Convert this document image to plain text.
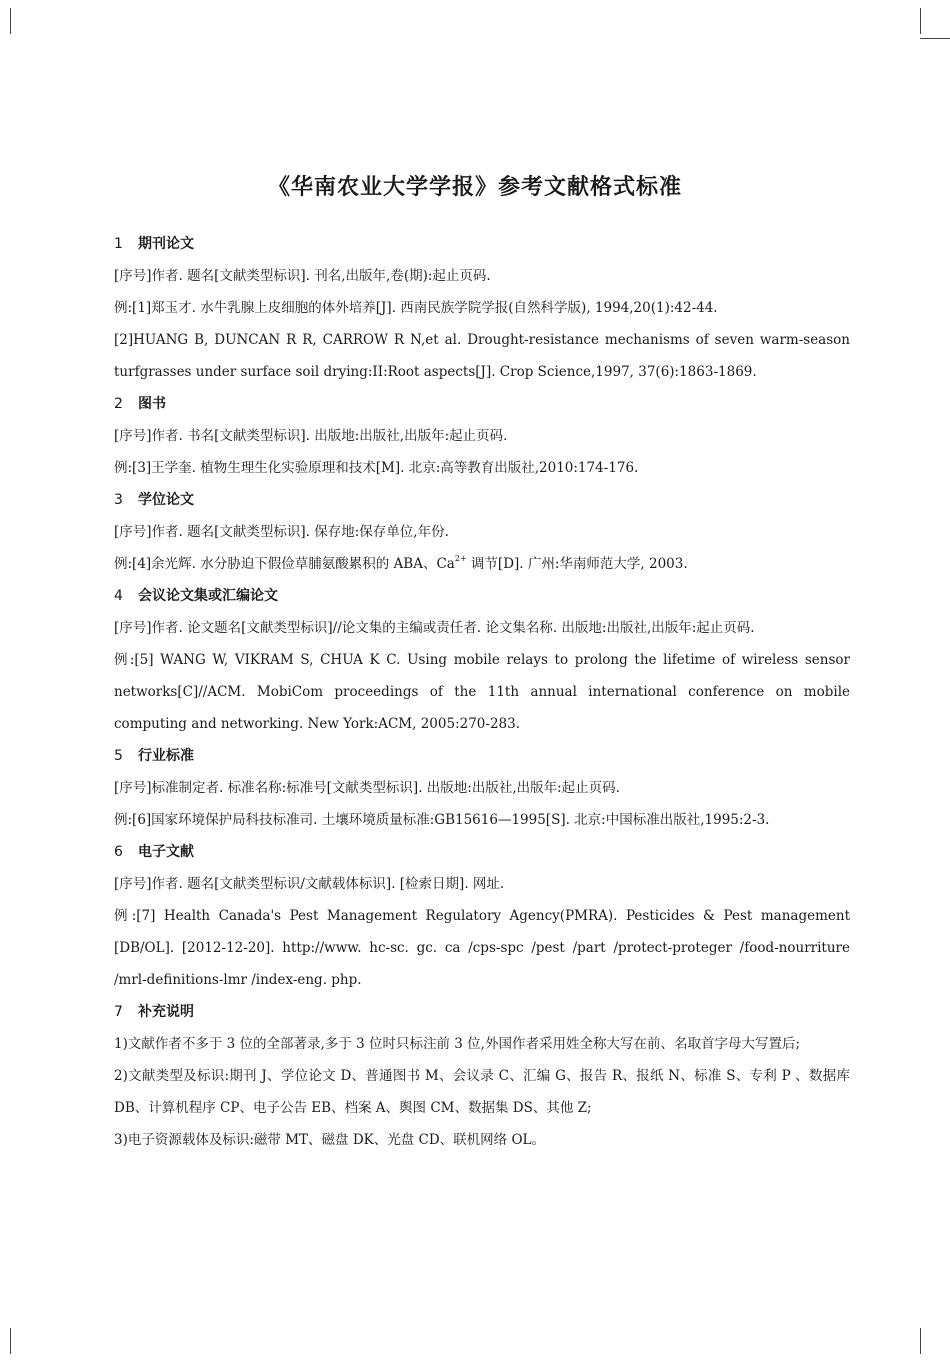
《华南农业大学学报》参考文献格式标准
1 期刊论文
[序号]作者. 题名[文献类型标识]. 刊名,出版年,卷(期):起止页码.
例:[1]郑玉才. 水牛乳腺上皮细胞的体外培养[J]. 西南民族学院学报(自然科学版), 1994,20(1):42-44.
[2]HUANG B, DUNCAN R R, CARROW R N,et al. Drought-resistance mechanisms of seven warm-season turfgrasses under surface soil drying:II:Root aspects[J]. Crop Science,1997, 37(6):1863-1869.
2 图书
[序号]作者. 书名[文献类型标识]. 出版地:出版社,出版年:起止页码.
例:[3]王学奎. 植物生理生化实验原理和技术[M]. 北京:高等教育出版社,2010:174-176.
3 学位论文
[序号]作者. 题名[文献类型标识]. 保存地:保存单位,年份.
例:[4]余光辉. 水分胁迫下假俭草脯氨酸累积的 ABA、$Ca^{2+}$ 调节[D]. 广州:华南师范大学, 2003.
4 会议论文集或汇编论文
[序号]作者. 论文题名[文献类型标识]//论文集的主编或责任者. 论文集名称. 出版地:出版社,出版年:起止页码.
例:[5] WANG W, VIKRAM S, CHUA K C. Using mobile relays to prolong the lifetime of wireless sensor networks[C]//ACM. MobiCom proceedings of the 11th annual international conference on mobile computing and networking. New York:ACM, 2005:270-283.
5 行业标准
[序号]标准制定者. 标准名称:标准号[文献类型标识]. 出版地:出版社,出版年:起止页码.
例:[6]国家环境保护局科技标准司. 土壤环境质量标准:GB15616—1995[S]. 北京:中国标准出版社,1995:2-3.
6 电子文献
[序号]作者. 题名[文献类型标识/文献载体标识]. [检索日期]. 网址.
例:[7] Health Canada's Pest Management Regulatory Agency(PMRA). Pesticides & Pest management [DB/OL]. [2012-12-20]. http://www. hc-sc. gc. ca /cps-spc /pest /part /protect-proteger /food-nourriture /mrl-definitions-lmr /index-eng. php.
7 补充说明
1)文献作者不多于 3 位的全部著录,多于 3 位时只标注前 3 位,外国作者采用姓全称大写在前、名取首字母大写置后;
2)文献类型及标识:期刊 J、学位论文 D、普通图书 M、会议录 C、汇编 G、报告 R、报纸 N、标准 S、专利 P 、数据库 DB、计算机程序 CP、电子公告 EB、档案 A、舆图 CM、数据集 DS、其他 Z;
3)电子资源载体及标识:磁带 MT、磁盘 DK、光盘 CD、联机网络 OL。
